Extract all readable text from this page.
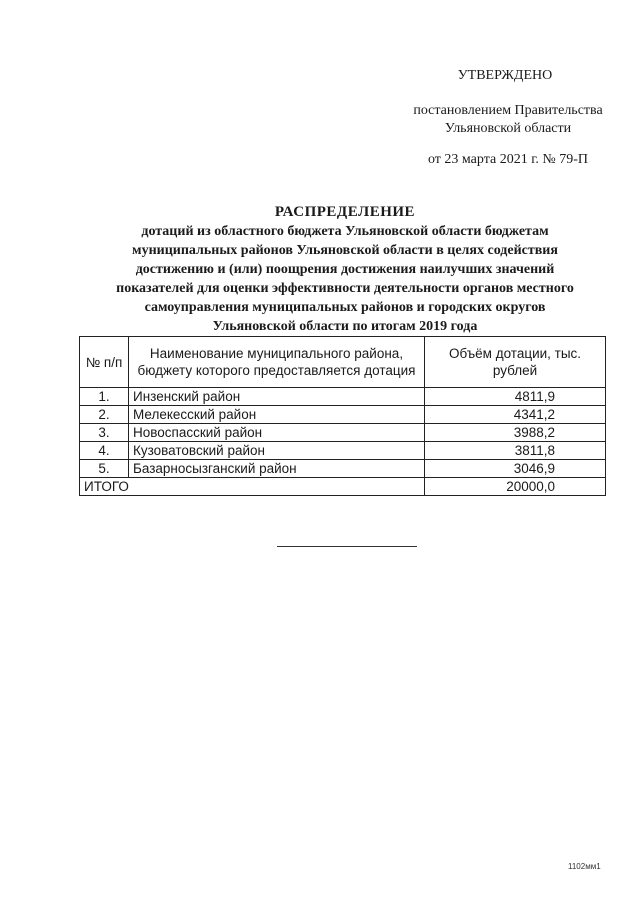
УТВЕРЖДЕНО
постановлением Правительства
Ульяновской области
от 23 марта 2021 г. № 79-П
РАСПРЕДЕЛЕНИЕ
дотаций из областного бюджета Ульяновской области бюджетам
муниципальных районов Ульяновской области в целях содействия
достижению и (или) поощрения достижения наилучших значений
показателей для оценки эффективности деятельности органов местного
самоуправления муниципальных районов и городских округов
Ульяновской области по итогам 2019 года
№ п/п	Наименование муниципального района, бюджету которого предоставляется дотация	Объём дотации, тыс. рублей
1.	Инзенский район	4811,9
2.	Мелекесский район	4341,2
3.	Новоспасский район	3988,2
4.	Кузоватовский район	3811,8
5.	Базарносызганский район	3046,9
ИТОГО		20000,0
1102мм1
